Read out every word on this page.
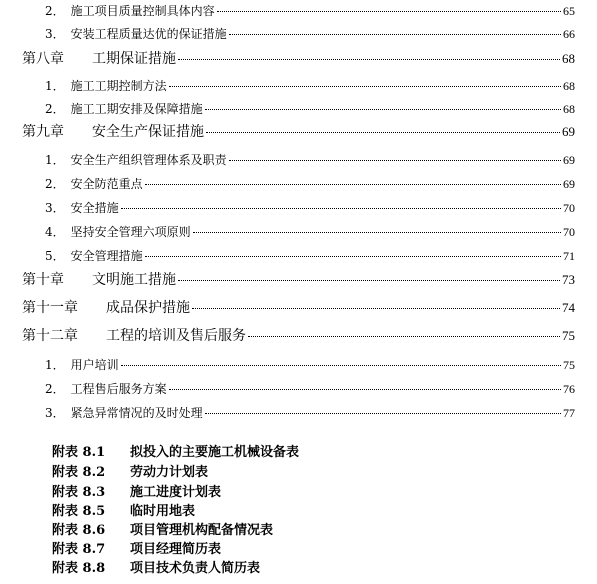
2． 施工项目质量控制具体内容	65
3． 安装工程质量达优的保证措施	66
第八章 工期保证措施	68
1． 施工工期控制方法	68
2． 施工工期安排及保障措施	68
第九章 安全生产保证措施	69
1． 安全生产组织管理体系及职责	69
2． 安全防范重点	69
3． 安全措施	70
4． 坚持安全管理六项原则	70
5． 安全管理措施	71
第十章 文明施工措施	73
第十一章 成品保护措施	74
第十二章 工程的培训及售后服务	75
1． 用户培训	75
2． 工程售后服务方案	76
3． 紧急异常情况的及时处理	77
附表 8.1	拟投入的主要施工机械设备表
附表 8.2	劳动力计划表
附表 8.3	施工进度计划表
附表 8.5	临时用地表
附表 8.6	项目管理机构配备情况表
附表 8.7	项目经理简历表
附表 8.8	项目技术负责人简历表
